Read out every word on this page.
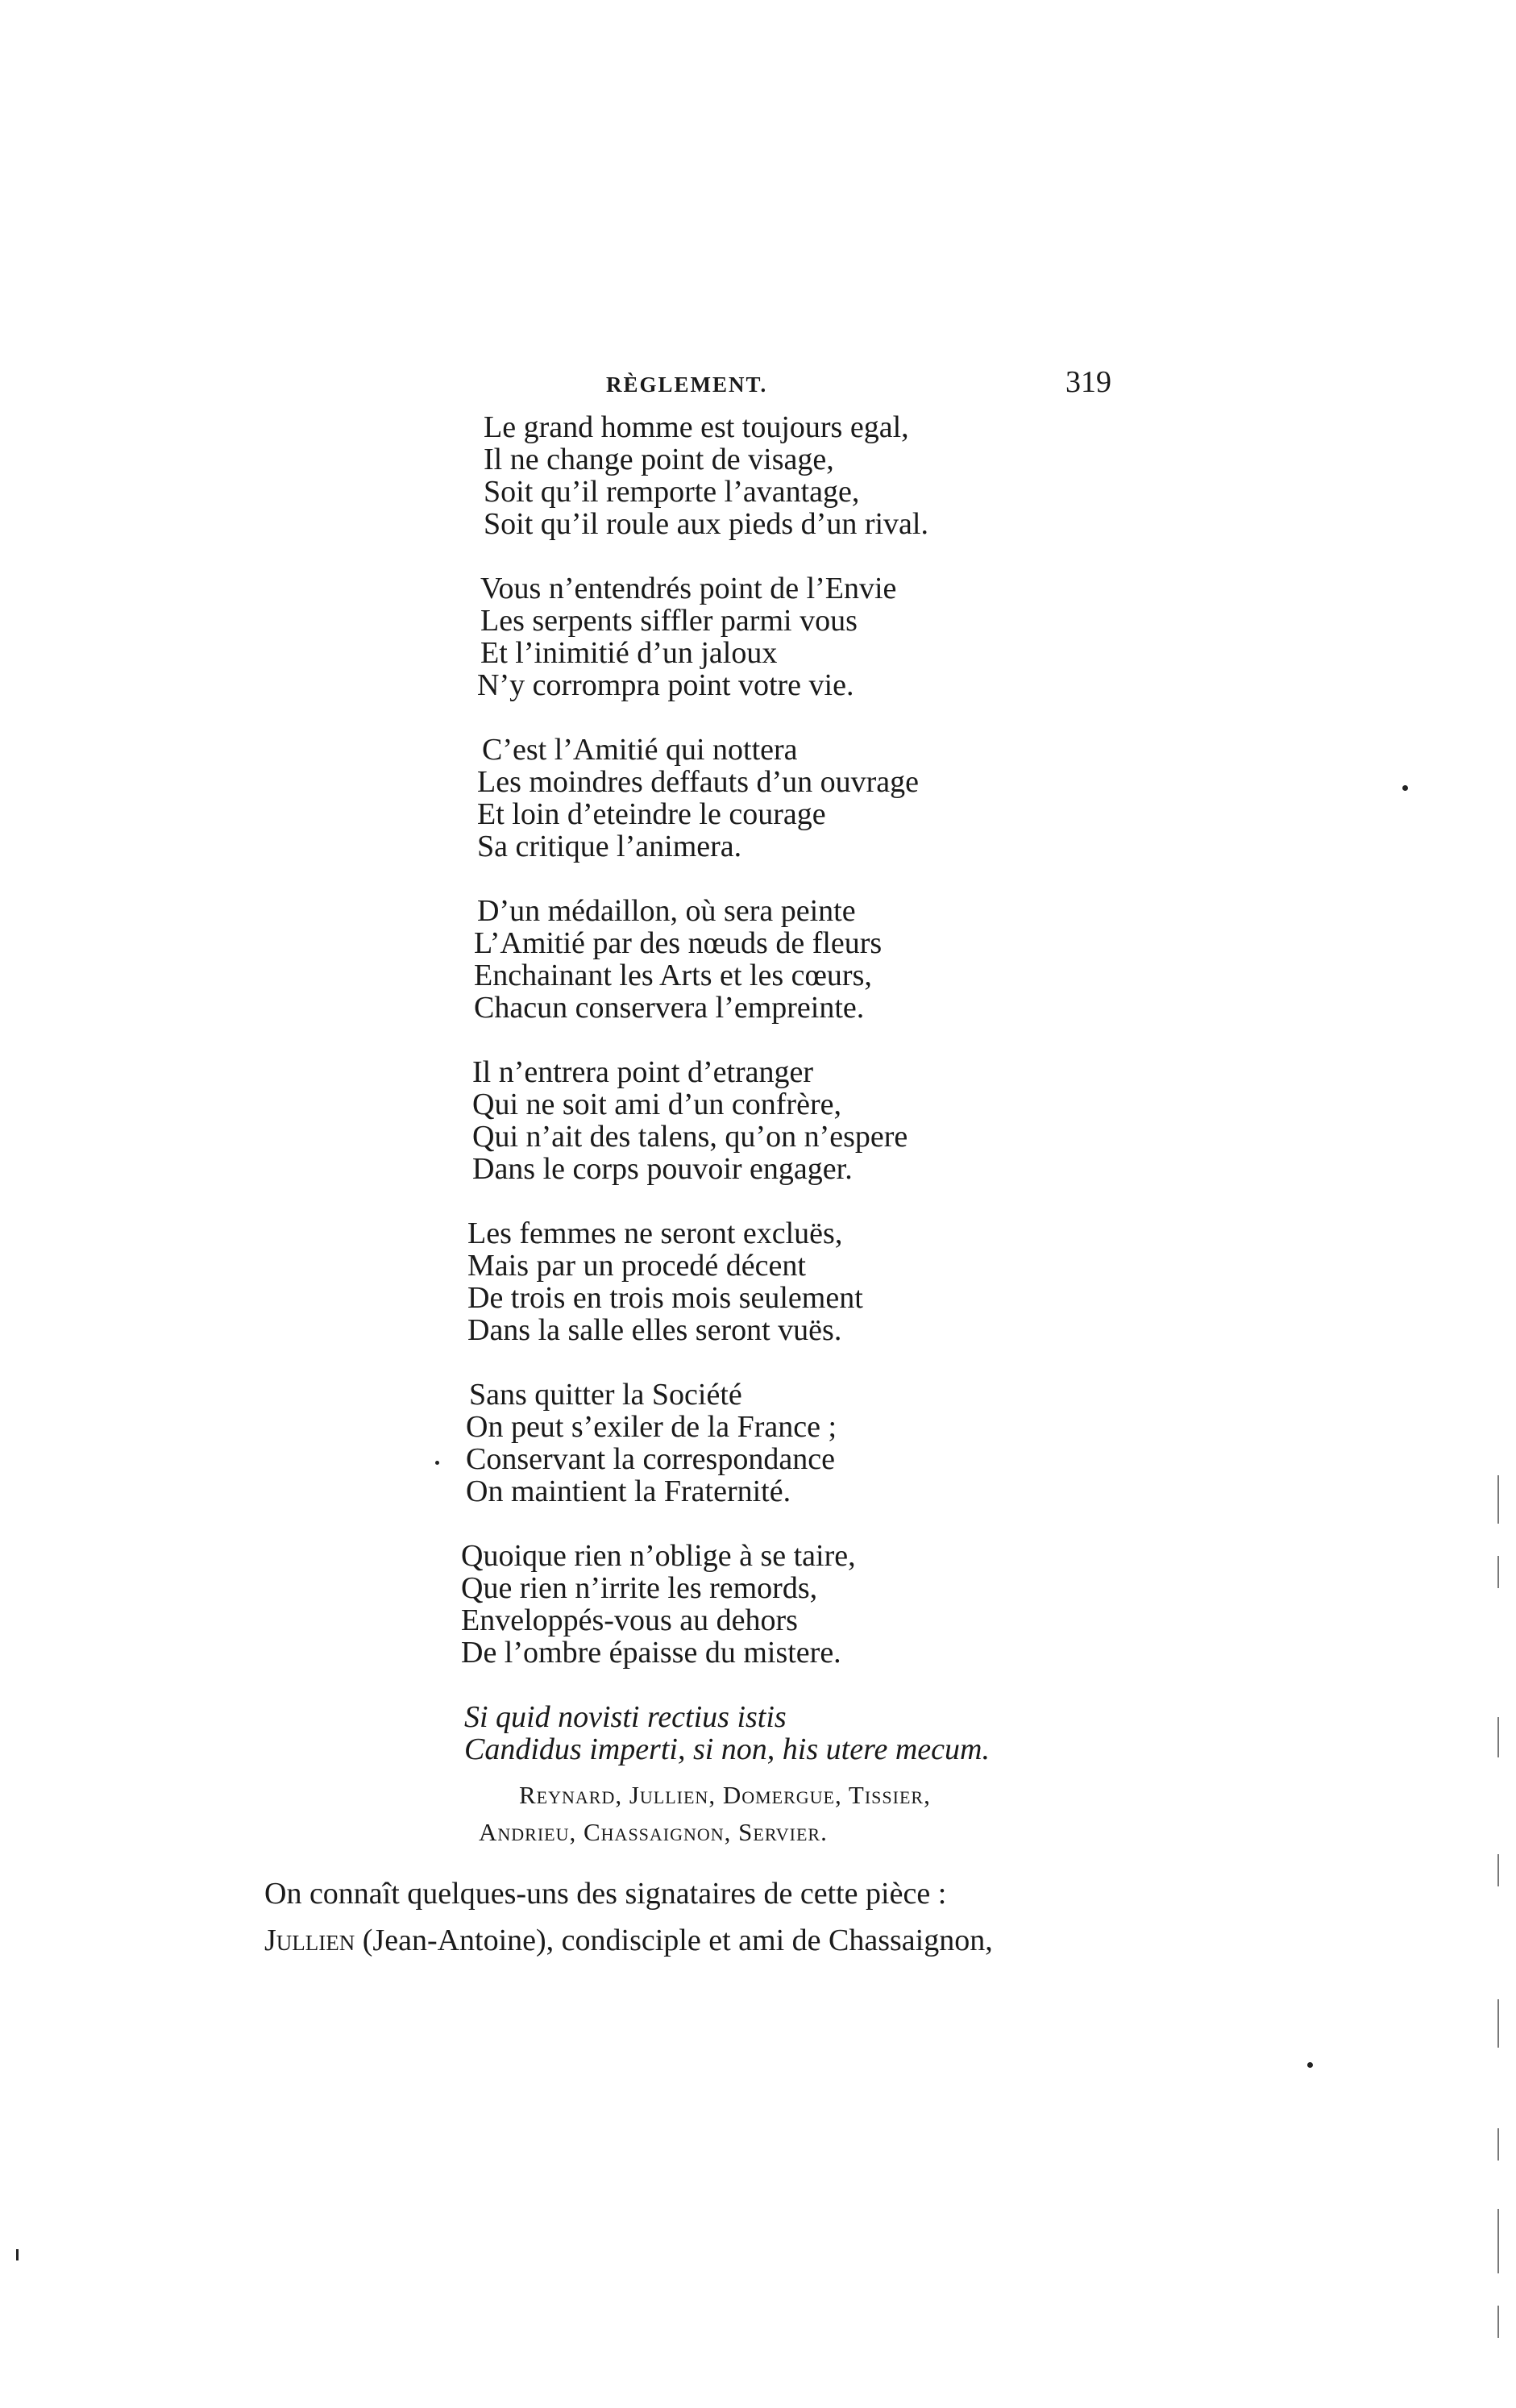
RÈGLEMENT.	319
Le grand homme est toujours egal,
Il ne change point de visage,
Soit qu’il remporte l’avantage,
Soit qu’il roule aux pieds d’un rival.
Vous n’entendrés point de l’Envie
Les serpents siffler parmi vous
Et l’inimitié d’un jaloux
N’y corrompra point votre vie.
C’est l’Amitié qui nottera
Les moindres deffauts d’un ouvrage
Et loin d’eteindre le courage
Sa critique l’animera.
D’un médaillon, où sera peinte
L’Amitié par des nœuds de fleurs
Enchainant les Arts et les cœurs,
Chacun conservera l’empreinte.
Il n’entrera point d’etranger
Qui ne soit ami d’un confrère,
Qui n’ait des talens, qu’on n’espere
Dans le corps pouvoir engager.
Les femmes ne seront excluës,
Mais par un procedé décent
De trois en trois mois seulement
Dans la salle elles seront vuës.
Sans quitter la Société
On peut s’exiler de la France ;
Conservant la correspondance
On maintient la Fraternité.
Quoique rien n’oblige à se taire,
Que rien n’irrite les remords,
Enveloppés-vous au dehors
De l’ombre épaisse du mistere.
Si quid novisti rectius istis
Candidus imperti, si non, his utere mecum.
Reynard, Jullien, Domergue, Tissier,
Andrieu, Chassaignon, Servier.
On connaît quelques-uns des signataires de cette pièce :
Jullien (Jean-Antoine), condisciple et ami de Chassaignon,
